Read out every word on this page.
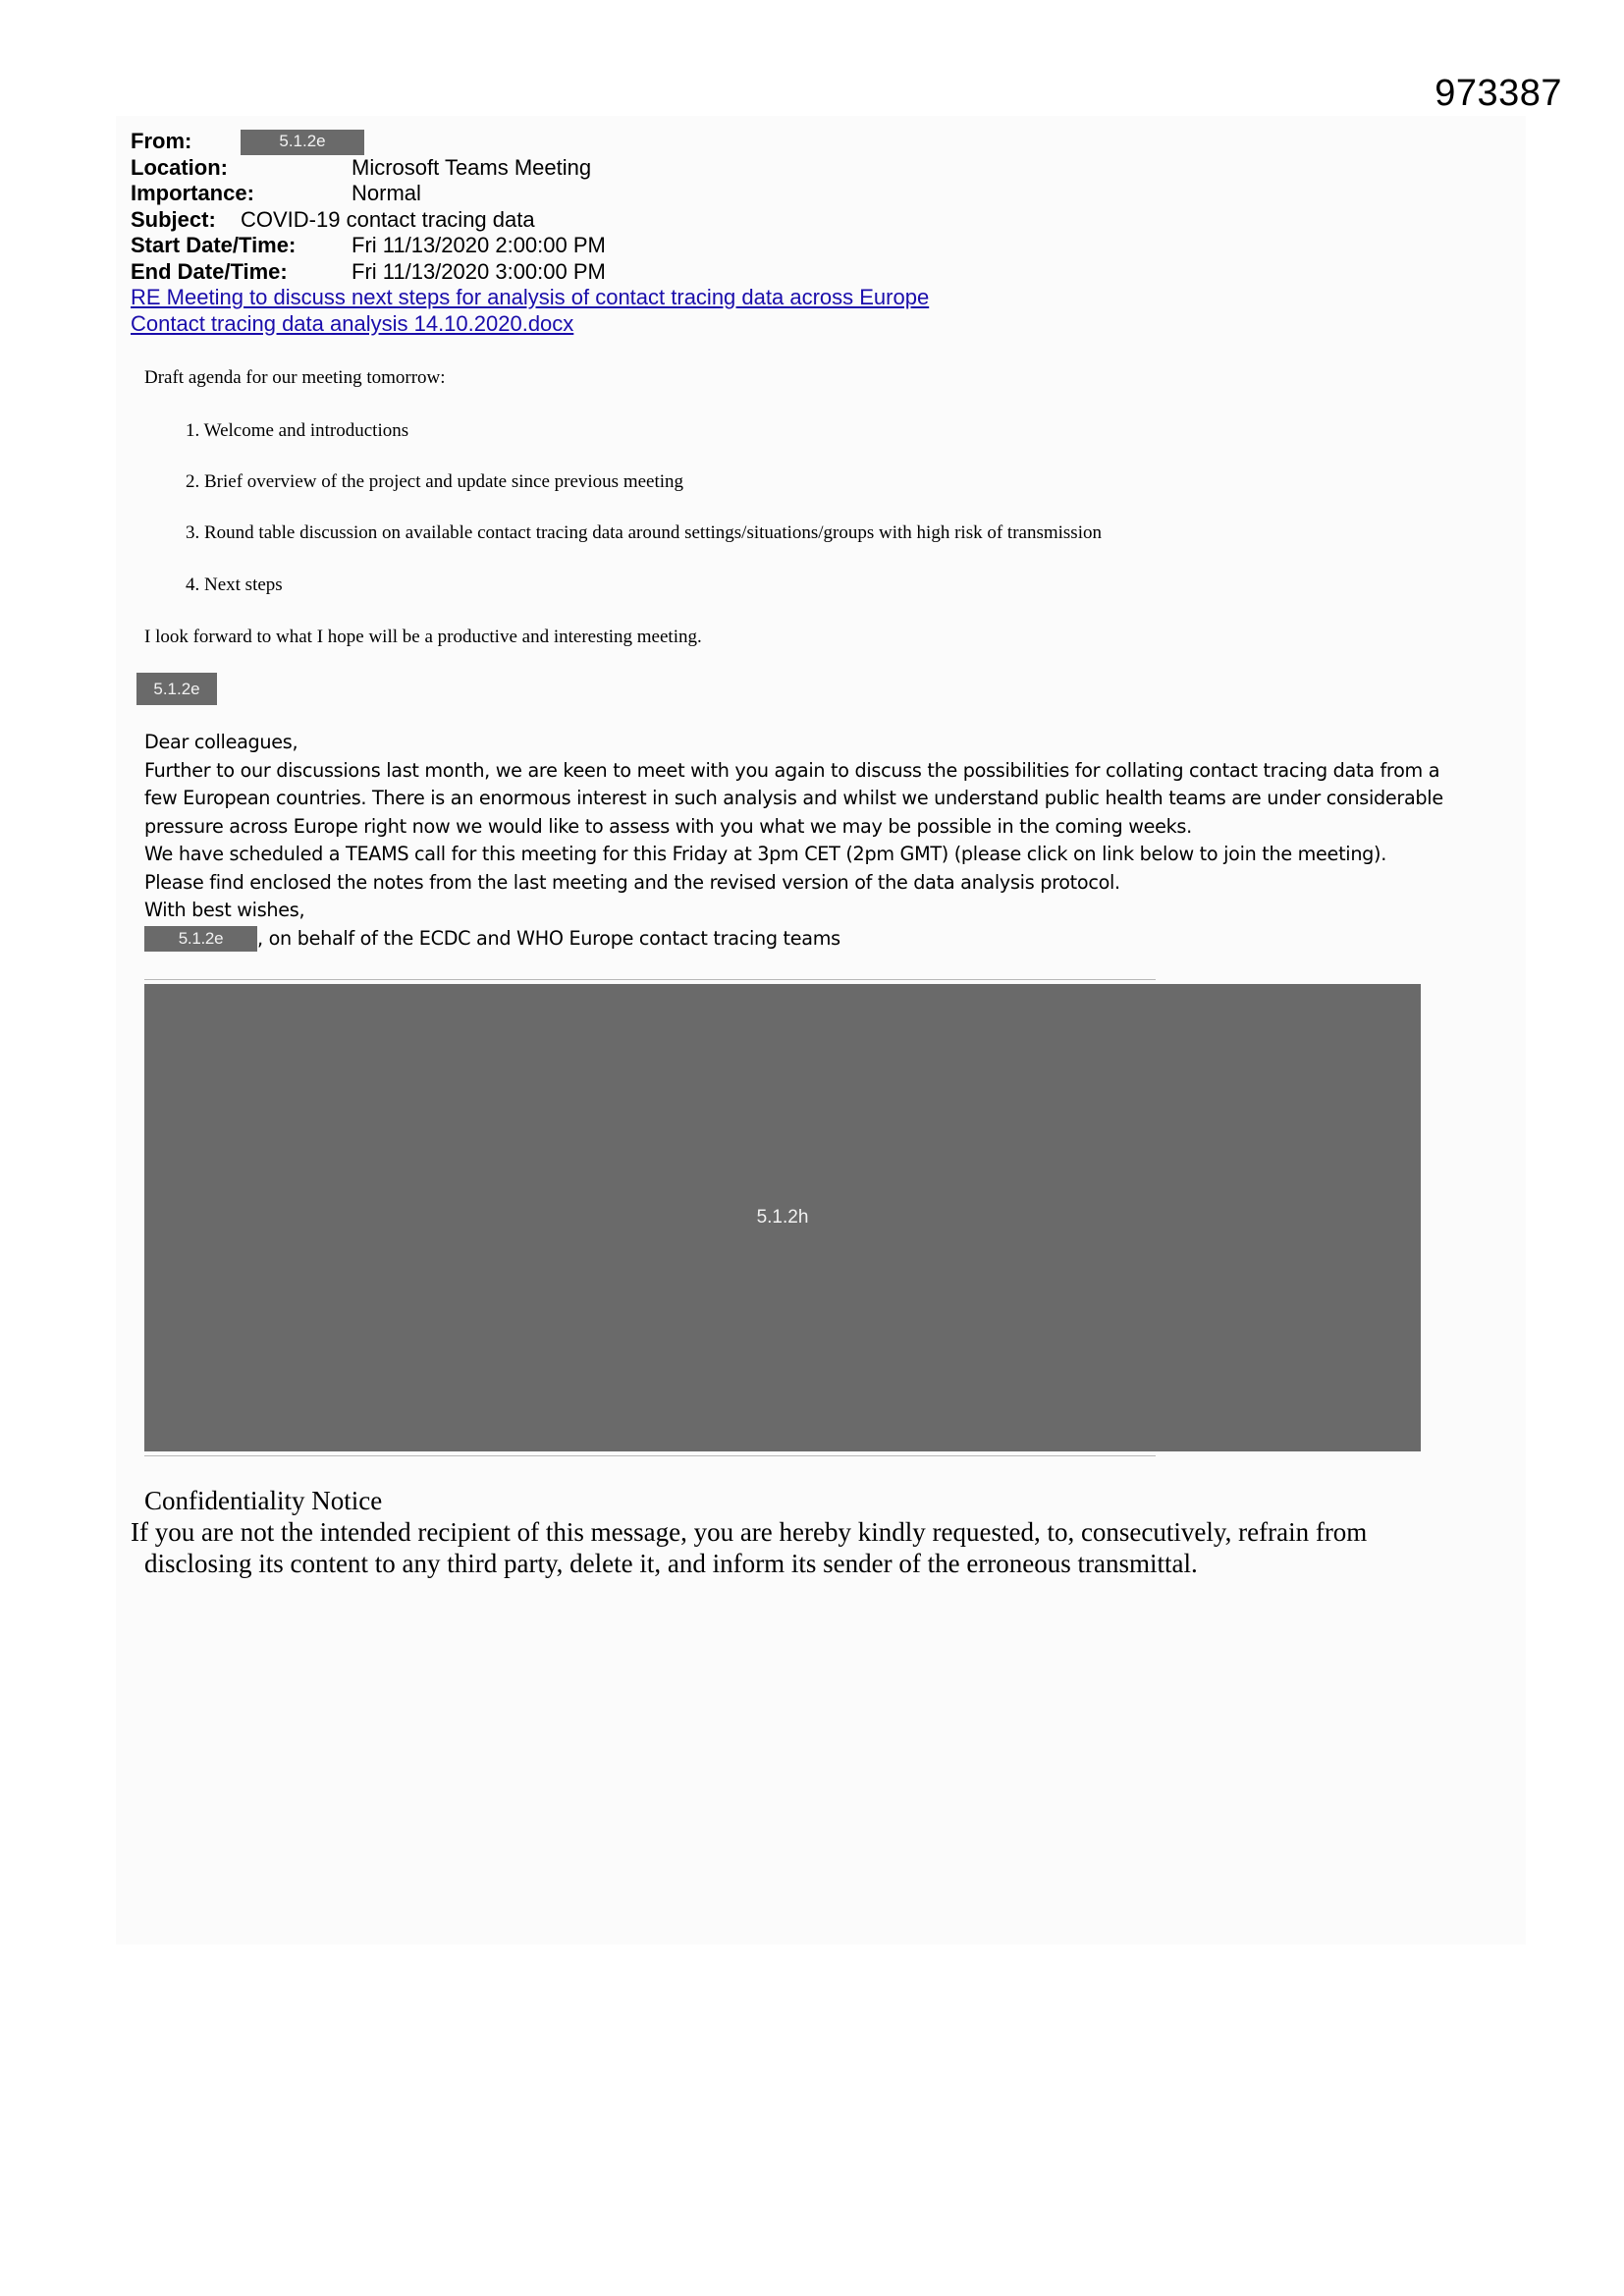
973387
From:	5.1.2e
Location:	Microsoft Teams Meeting
Importance:	Normal
Subject: COVID-19 contact tracing data
Start Date/Time:	Fri 11/13/2020 2:00:00 PM
End Date/Time:	Fri 11/13/2020 3:00:00 PM
RE Meeting to discuss next steps for analysis of contact tracing data across Europe
Contact tracing data analysis 14.10.2020.docx

Draft agenda for our meeting tomorrow:

1. Welcome and introductions

2. Brief overview of the project and update since previous meeting

3. Round table discussion on available contact tracing data around settings/situations/groups with high risk of transmission

4. Next steps

I look forward to what I hope will be a productive and interesting meeting.

5.1.2e
Dear colleagues,
Further to our discussions last month, we are keen to meet with you again to discuss the possibilities for collating contact tracing data from a
few European countries. There is an enormous interest in such analysis and whilst we understand public health teams are under considerable
pressure across Europe right now we would like to assess with you what we may be possible in the coming weeks.
We have scheduled a TEAMS call for this meeting for this Friday at 3pm CET (2pm GMT) (please click on link below to join the meeting).
Please find enclosed the notes from the last meeting and the revised version of the data analysis protocol.
With best wishes,
5.1.2e , on behalf of the ECDC and WHO Europe contact tracing teams
5.1.2h
Confidentiality Notice
If you are not the intended recipient of this message, you are hereby kindly requested, to, consecutively, refrain from
disclosing its content to any third party, delete it, and inform its sender of the erroneous transmittal.
